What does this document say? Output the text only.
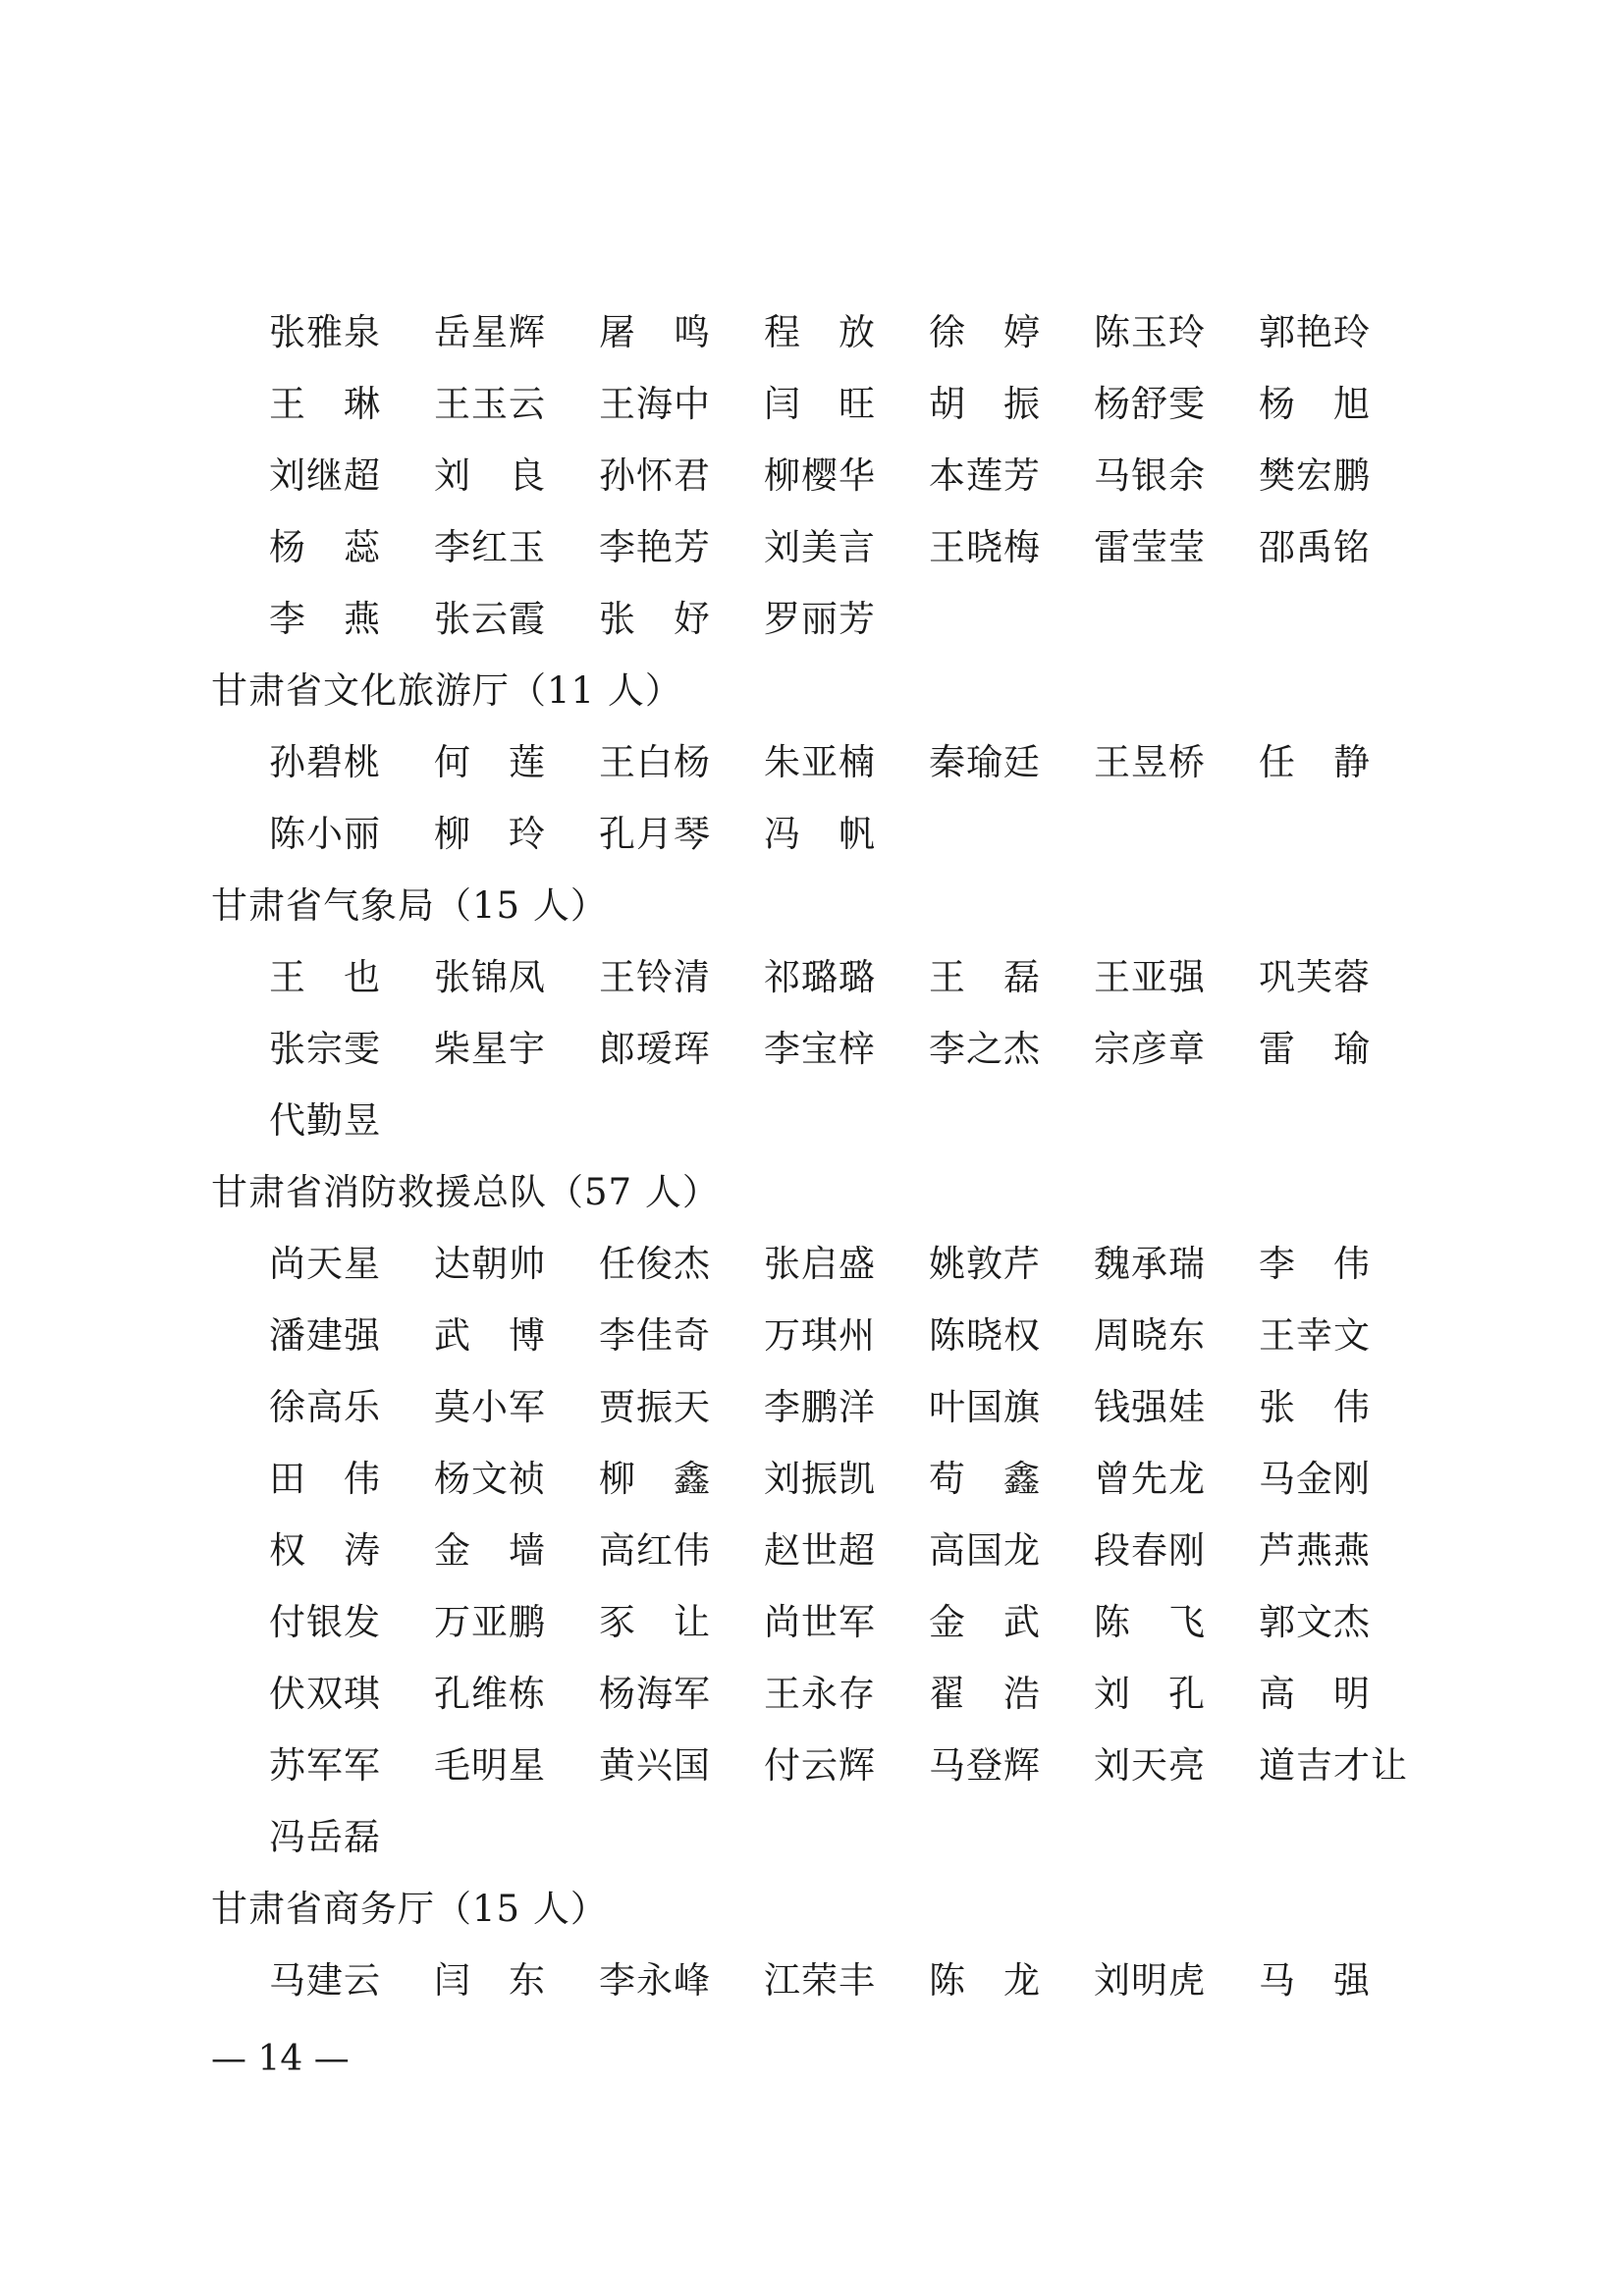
张雅泉 岳星辉 屠　鸣 程　放 徐　婷 陈玉玲 郭艳玲
王　琳 王玉云 王海中 闫　旺 胡　振 杨舒雯 杨　旭
刘继超 刘　良 孙怀君 柳樱华 本莲芳 马银余 樊宏鹏
杨　蕊 李红玉 李艳芳 刘美言 王晓梅 雷莹莹 邵禹铭
李　燕 张云霞 张　妤 罗丽芳
甘肃省文化旅游厅（11 人）
孙碧桃 何　莲 王白杨 朱亚楠 秦瑜廷 王昱桥 任　静
陈小丽 柳　玲 孔月琴 冯　帆
甘肃省气象局（15 人）
王　也 张锦凤 王铃清 祁璐璐 王　磊 王亚强 巩芙蓉
张宗雯 柴星宇 郎瑷珲 李宝梓 李之杰 宗彦章 雷　瑜
代勤昱
甘肃省消防救援总队（57 人）
尚天星 达朝帅 任俊杰 张启盛 姚敦芹 魏承瑞 李　伟
潘建强 武　博 李佳奇 万琪州 陈晓权 周晓东 王幸文
徐高乐 莫小军 贾振天 李鹏洋 叶国旗 钱强娃 张　伟
田　伟 杨文祯 柳　鑫 刘振凯 苟　鑫 曾先龙 马金刚
权　涛 金　墙 高红伟 赵世超 高国龙 段春刚 芦燕燕
付银发 万亚鹏 豕　让 尚世军 金　武 陈　飞 郭文杰
伏双琪 孔维栋 杨海军 王永存 翟　浩 刘　孔 高　明
苏军军 毛明星 黄兴国 付云辉 马登辉 刘天亮 道吉才让
冯岳磊
甘肃省商务厅（15 人）
马建云 闫　东 李永峰 江荣丰 陈　龙 刘明虎 马　强
— 14 —
